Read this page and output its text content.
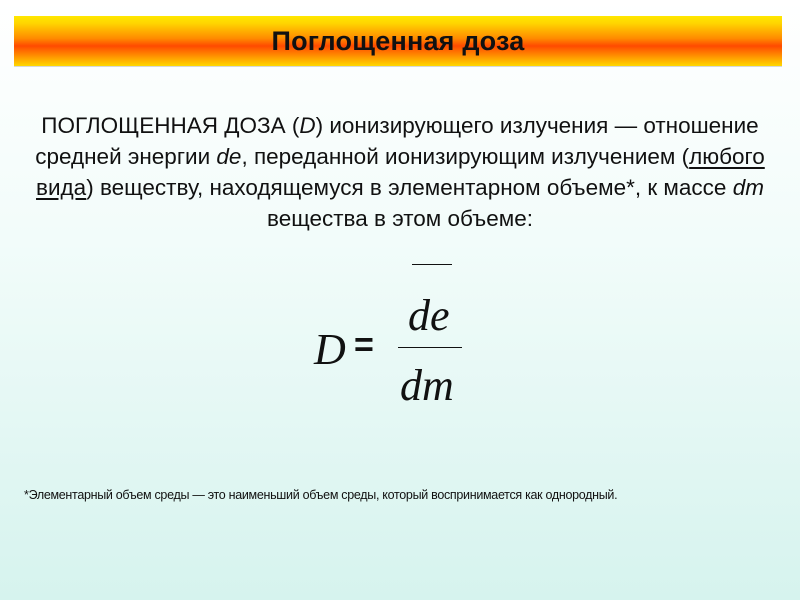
Поглощенная доза
ПОГЛОЩЕННАЯ ДОЗА (D) ионизирующего излучения — отношение средней энергии de, переданной ионизирующим излучением (любого вида) веществу, находящемуся в элементарном объеме*, к массе dm вещества в этом объеме:
D =
de
dm
*Элементарный объем среды — это наименьший объем среды, который воспринимается как однородный.
